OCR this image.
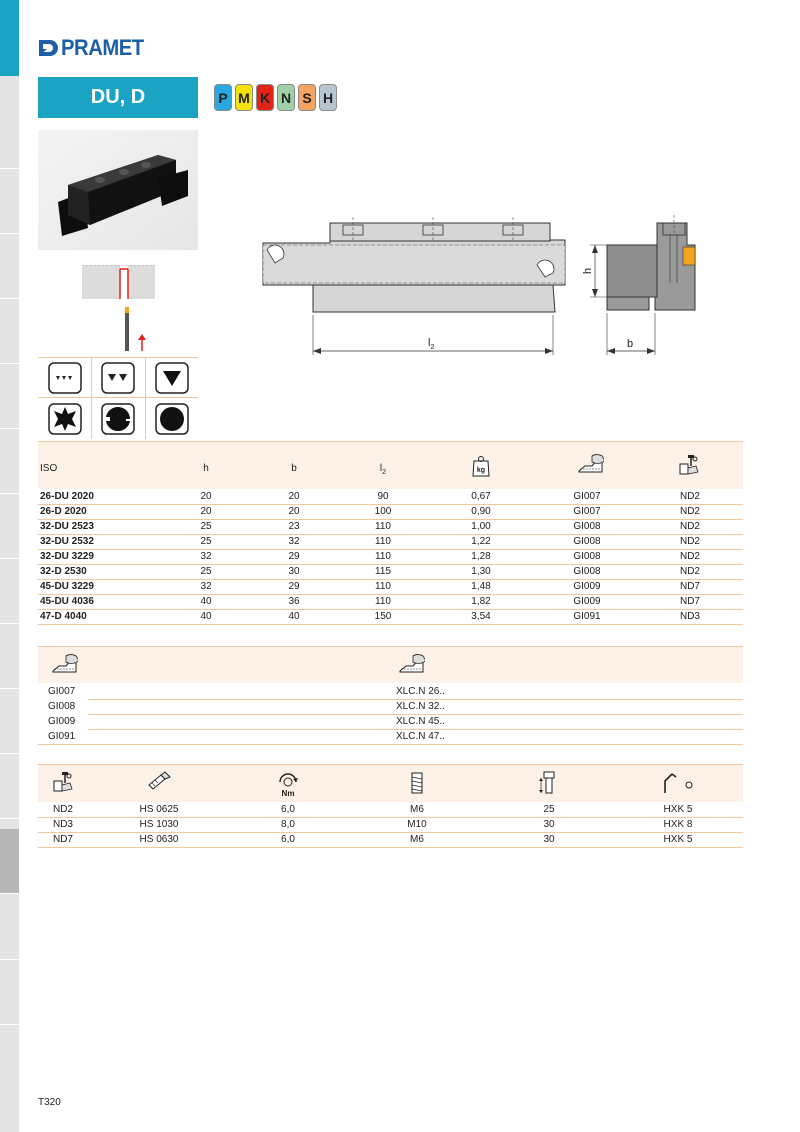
PRAMET
DU, D	P M K N S H
$l_2$
h
b
ISO	h	b	$l_2$	kg
26-DU 2020	20	20	90	0,67	GI007	ND2
26-D 2020	20	20	100	0,90	GI007	ND2
32-DU 2523	25	23	110	1,00	GI008	ND2
32-DU 2532	25	32	110	1,22	GI008	ND2
32-DU 3229	32	29	110	1,28	GI008	ND2
32-D 2530	25	30	115	1,30	GI008	ND2
45-DU 3229	32	29	110	1,48	GI009	ND7
45-DU 4036	40	36	110	1,82	GI009	ND7
47-D 4040	40	40	150	3,54	GI091	ND3
GI007	XLC.N 26..
GI008	XLC.N 32..
GI009	XLC.N 45..
GI091	XLC.N 47..
Nm
ND2	HS 0625	6,0	M6	25	HXK 5
ND3	HS 1030	8,0	M10	30	HXK 8
ND7	HS 0630	6,0	M6	30	HXK 5
T320
